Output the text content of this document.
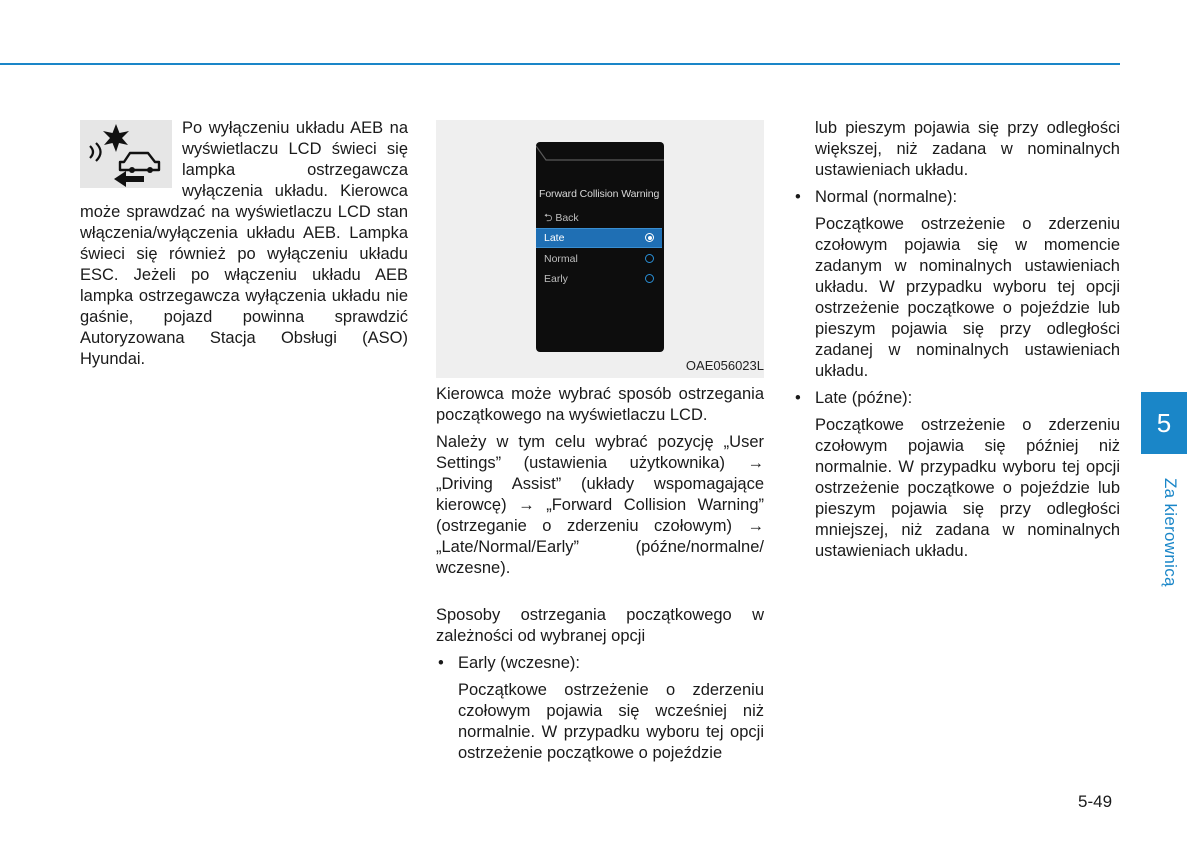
Po wyłączeniu układu AEB na wyświetlaczu LCD świeci się lampka ostrzegawcza wyłączenia układu. Kierowca może sprawdzać na wyświetlaczu LCD stan włączenia/wyłączenia układu AEB. Lampka świeci się również po wyłączeniu układu ESC. Jeżeli po włączeniu układu AEB lampka ostrzegawcza wyłączenia układu nie gaśnie, pojazd powinna sprawdzić Autoryzowana Stacja Obsługi (ASO) Hyundai.

Forward Collision Warning
⮌ Back
Late
Normal
Early
OAE056023L

Kierowca może wybrać sposób ostrzegania początkowego na wyświetlaczu LCD.

Należy w tym celu wybrać pozycję „User Settings” (ustawienia użytkownika) → „Driving Assist” (układy wspomagające kierowcę) → „Forward Collision Warning” (ostrzeganie o zderzeniu czołowym) → „Late/Normal/Early” (późne/normalne/ wczesne).

Sposoby ostrzegania początkowego w zależności od wybranej opcji

• Early (wczesne):

Początkowe ostrzeżenie o zderzeniu czołowym pojawia się wcześniej niż normalnie. W przypadku wyboru tej opcji ostrzeżenie początkowe o pojeździe

lub pieszym pojawia się przy odległości większej, niż zadana w nominalnych ustawieniach układu.

• Normal (normalne):

Początkowe ostrzeżenie o zderzeniu czołowym pojawia się w momencie zadanym w nominalnych ustawieniach układu. W przypadku wyboru tej opcji ostrzeżenie początkowe o pojeździe lub pieszym pojawia się przy odległości zadanej w nominalnych ustawieniach układu.

• Late (późne):

Początkowe ostrzeżenie o zderzeniu czołowym pojawia się później niż normalnie. W przypadku wyboru tej opcji ostrzeżenie początkowe o pojeździe lub pieszym pojawia się przy odległości mniejszej, niż zadana w nominalnych ustawieniach układu.

5
Za kierownicą
5-49
